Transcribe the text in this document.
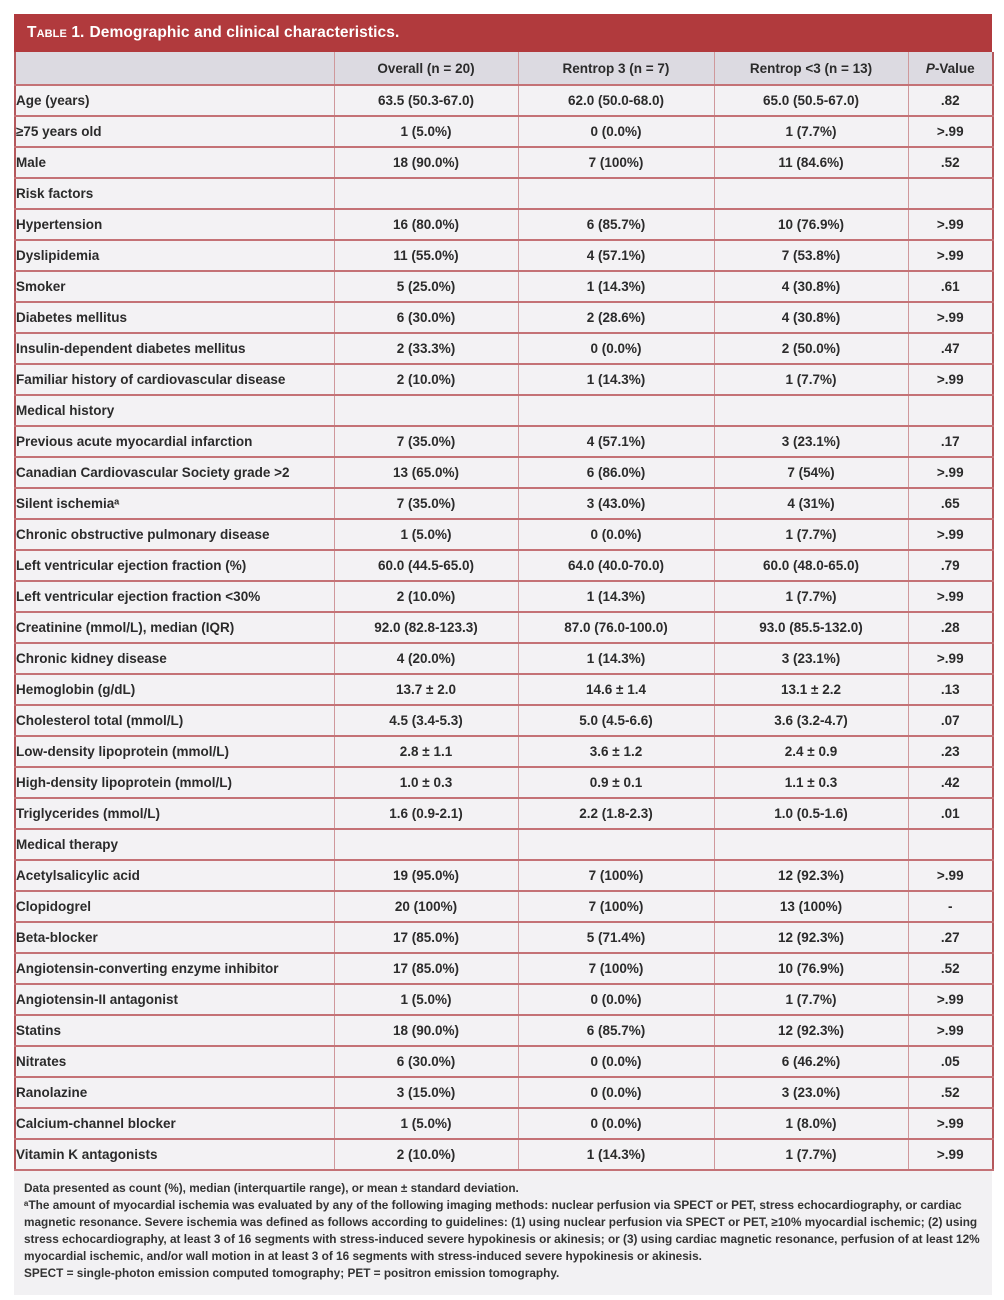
Table 1. Demographic and clinical characteristics.
	Overall (n = 20)	Rentrop 3 (n = 7)	Rentrop <3 (n = 13)	P-Value
Age (years)	63.5 (50.3-67.0)	62.0 (50.0-68.0)	65.0 (50.5-67.0)	.82
≥75 years old	1 (5.0%)	0 (0.0%)	1 (7.7%)	>.99
Male	18 (90.0%)	7 (100%)	11 (84.6%)	.52
Risk factors				
Hypertension	16 (80.0%)	6 (85.7%)	10 (76.9%)	>.99
Dyslipidemia	11 (55.0%)	4 (57.1%)	7 (53.8%)	>.99
Smoker	5 (25.0%)	1 (14.3%)	4 (30.8%)	.61
Diabetes mellitus	6 (30.0%)	2 (28.6%)	4 (30.8%)	>.99
Insulin-dependent diabetes mellitus	2 (33.3%)	0 (0.0%)	2 (50.0%)	.47
Familiar history of cardiovascular disease	2 (10.0%)	1 (14.3%)	1 (7.7%)	>.99
Medical history				
Previous acute myocardial infarction	7 (35.0%)	4 (57.1%)	3 (23.1%)	.17
Canadian Cardiovascular Society grade >2	13 (65.0%)	6 (86.0%)	7 (54%)	>.99
Silent ischemiaᵃ	7 (35.0%)	3 (43.0%)	4 (31%)	.65
Chronic obstructive pulmonary disease	1 (5.0%)	0 (0.0%)	1 (7.7%)	>.99
Left ventricular ejection fraction (%)	60.0 (44.5-65.0)	64.0 (40.0-70.0)	60.0 (48.0-65.0)	.79
Left ventricular ejection fraction <30%	2 (10.0%)	1 (14.3%)	1 (7.7%)	>.99
Creatinine (mmol/L), median (IQR)	92.0 (82.8-123.3)	87.0 (76.0-100.0)	93.0 (85.5-132.0)	.28
Chronic kidney disease	4 (20.0%)	1 (14.3%)	3 (23.1%)	>.99
Hemoglobin (g/dL)	13.7 ± 2.0	14.6 ± 1.4	13.1 ± 2.2	.13
Cholesterol total (mmol/L)	4.5 (3.4-5.3)	5.0 (4.5-6.6)	3.6 (3.2-4.7)	.07
Low-density lipoprotein (mmol/L)	2.8 ± 1.1	3.6 ± 1.2	2.4 ± 0.9	.23
High-density lipoprotein (mmol/L)	1.0 ± 0.3	0.9 ± 0.1	1.1 ± 0.3	.42
Triglycerides (mmol/L)	1.6 (0.9-2.1)	2.2 (1.8-2.3)	1.0 (0.5-1.6)	.01
Medical therapy				
Acetylsalicylic acid	19 (95.0%)	7 (100%)	12 (92.3%)	>.99
Clopidogrel	20 (100%)	7 (100%)	13 (100%)	-
Beta-blocker	17 (85.0%)	5 (71.4%)	12 (92.3%)	.27
Angiotensin-converting enzyme inhibitor	17 (85.0%)	7 (100%)	10 (76.9%)	.52
Angiotensin-II antagonist	1 (5.0%)	0 (0.0%)	1 (7.7%)	>.99
Statins	18 (90.0%)	6 (85.7%)	12 (92.3%)	>.99
Nitrates	6 (30.0%)	0 (0.0%)	6 (46.2%)	.05
Ranolazine	3 (15.0%)	0 (0.0%)	3 (23.0%)	.52
Calcium-channel blocker	1 (5.0%)	0 (0.0%)	1 (8.0%)	>.99
Vitamin K antagonists	2 (10.0%)	1 (14.3%)	1 (7.7%)	>.99

Data presented as count (%), median (interquartile range), or mean ± standard deviation.

ᵃThe amount of myocardial ischemia was evaluated by any of the following imaging methods: nuclear perfusion via SPECT or PET, stress echocardiography, or cardiac magnetic resonance. Severe ischemia was defined as follows according to guidelines: (1) using nuclear perfusion via SPECT or PET, ≥10% myocardial ischemic; (2) using stress echocardiography, at least 3 of 16 segments with stress-induced severe hypokinesis or akinesis; or (3) using cardiac magnetic resonance, perfusion of at least 12% myocardial ischemic, and/or wall motion in at least 3 of 16 segments with stress-induced severe hypokinesis or akinesis.

SPECT = single-photon emission computed tomography; PET = positron emission tomography.
